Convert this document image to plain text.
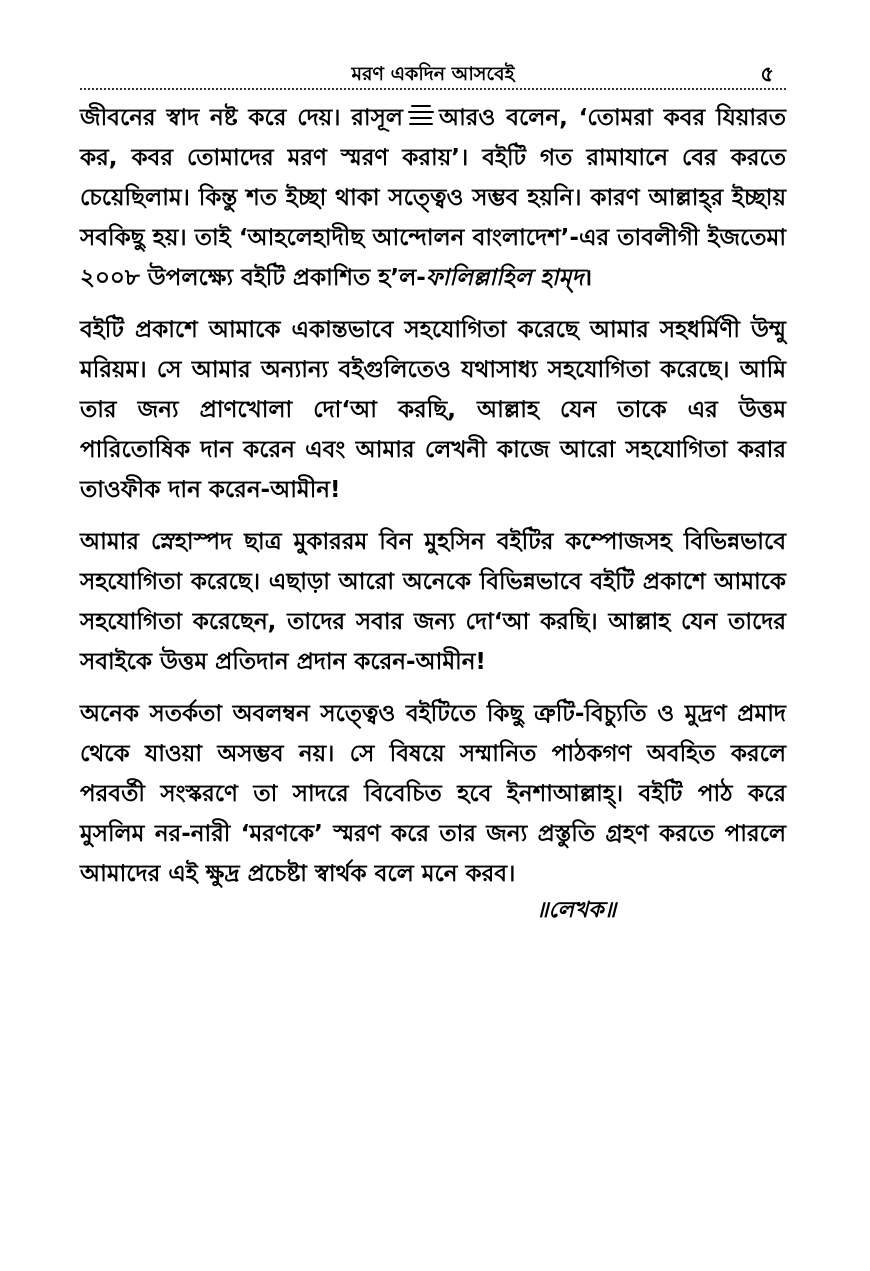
মরণ একদিন আসবেই	৫

জীবনের স্বাদ নষ্ট করে দেয়। রাসূল আরও বলেন, ‘তোমরা কবর যিয়ারত কর, কবর তোমাদের মরণ স্মরণ করায়’। বইটি গত রামাযানে বের করতে চেয়েছিলাম। কিন্তু শত ইচ্ছা থাকা সত্ত্বেও সম্ভব হয়নি। কারণ আল্লাহ্‌র ইচ্ছায় সবকিছু হয়। তাই ‘আহলেহাদীছ আন্দোলন বাংলাদেশ’-এর তাবলীগী ইজতেমা ২০০৮ উপলক্ষ্যে বইটি প্রকাশিত হ’ল-ফালিল্লাহিল হাম্‌দ।

বইটি প্রকাশে আমাকে একান্তভাবে সহযোগিতা করেছে আমার সহধর্মিণী উম্মু মরিয়ম। সে আমার অন্যান্য বইগুলিতেও যথাসাধ্য সহযোগিতা করেছে। আমি তার জন্য প্রাণখোলা দো‘আ করছি, আল্লাহ যেন তাকে এর উত্তম পারিতোষিক দান করেন এবং আমার লেখনী কাজে আরো সহযোগিতা করার তাওফীক দান করেন-আমীন!

আমার স্নেহাস্পদ ছাত্র মুকাররম বিন মুহসিন বইটির কম্পোজসহ বিভিন্নভাবে সহযোগিতা করেছে। এছাড়া আরো অনেকে বিভিন্নভাবে বইটি প্রকাশে আমাকে সহযোগিতা করেছেন, তাদের সবার জন্য দো‘আ করছি। আল্লাহ যেন তাদের সবাইকে উত্তম প্রতিদান প্রদান করেন-আমীন!

অনেক সতর্কতা অবলম্বন সত্ত্বেও বইটিতে কিছু ত্রুটি-বিচ্যুতি ও মুদ্রণ প্রমাদ থেকে যাওয়া অসম্ভব নয়। সে বিষয়ে সম্মানিত পাঠকগণ অবহিত করলে পরবর্তী সংস্করণে তা সাদরে বিবেচিত হবে ইনশাআল্লাহ্। বইটি পাঠ করে মুসলিম নর-নারী ‘মরণকে’ স্মরণ করে তার জন্য প্রস্তুতি গ্রহণ করতে পারলে আমাদের এই ক্ষুদ্র প্রচেষ্টা স্বার্থক বলে মনে করব।

॥লেখক॥
